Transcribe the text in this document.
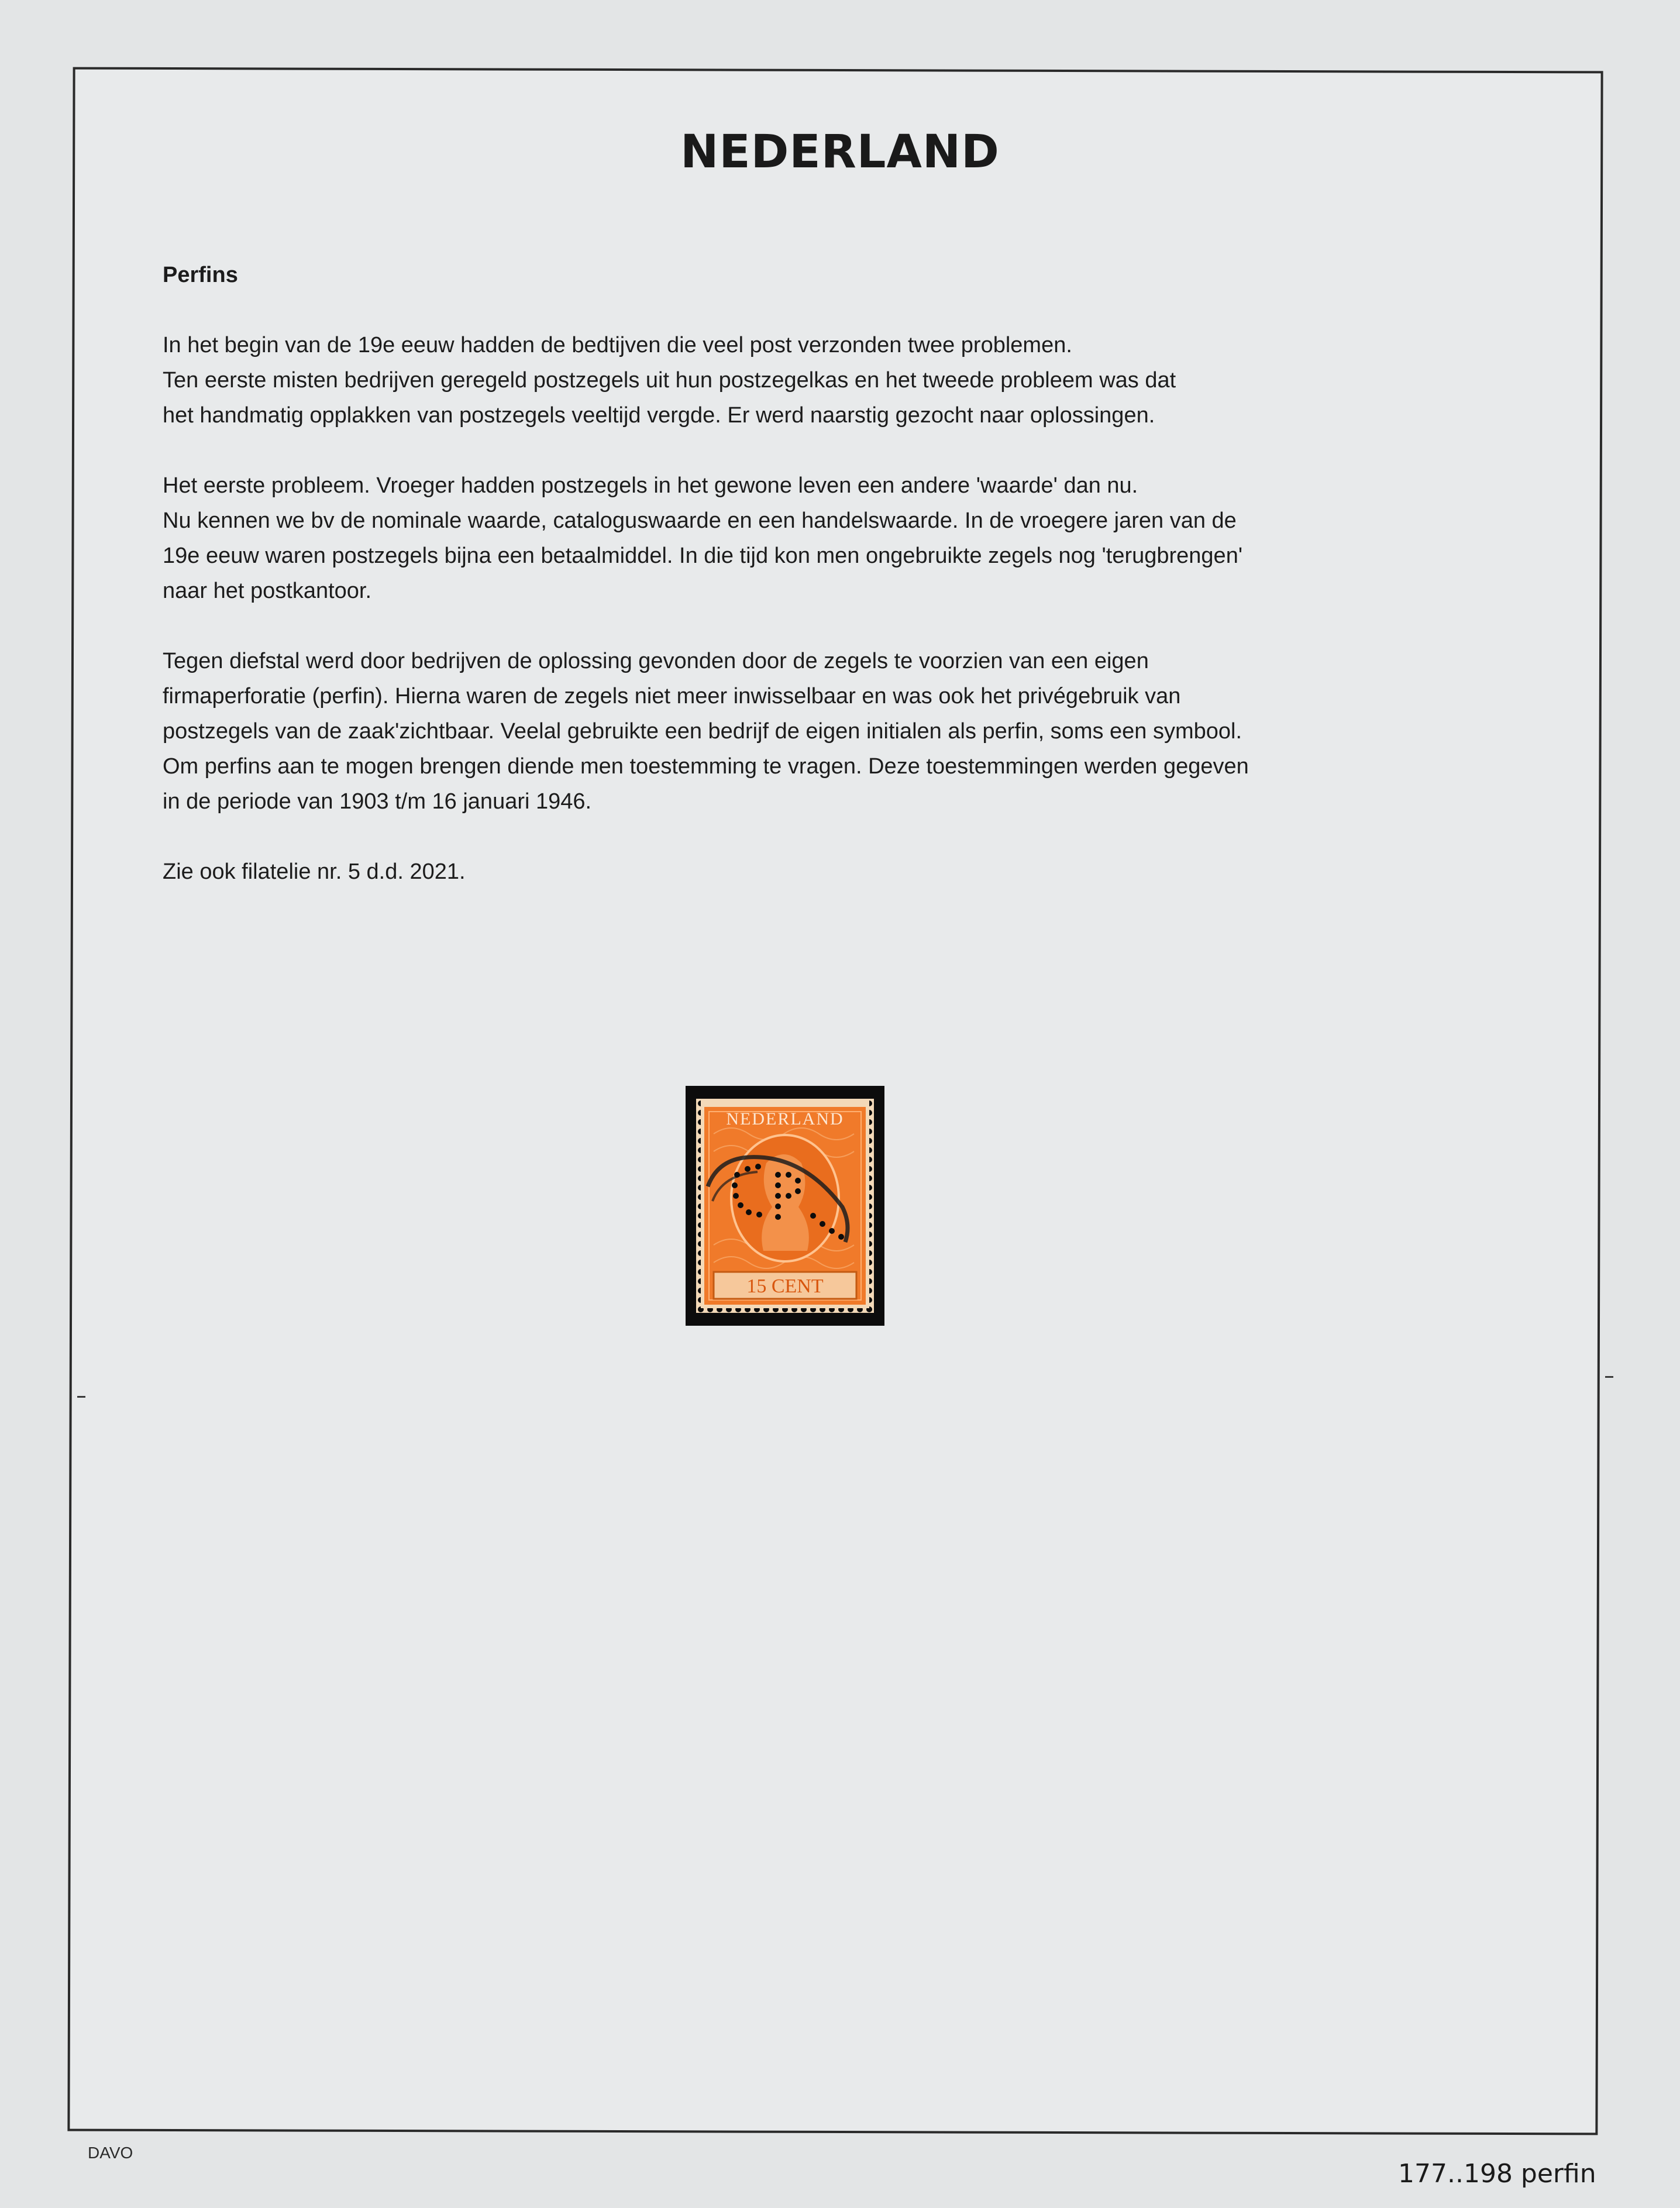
NEDERLAND
Perfins
In het begin van de 19e eeuw hadden de bedtijven die veel post verzonden twee problemen.
Ten eerste misten bedrijven geregeld postzegels uit hun postzegelkas en het tweede probleem was dat
het handmatig opplakken van postzegels veeltijd vergde. Er werd naarstig gezocht naar oplossingen.
Het eerste probleem. Vroeger hadden postzegels in het gewone leven een andere 'waarde' dan nu.
Nu kennen we bv de nominale waarde, cataloguswaarde en een handelswaarde. In de vroegere jaren van de
19e eeuw waren postzegels bijna een betaalmiddel. In die tijd kon men ongebruikte zegels nog 'terugbrengen'
naar het postkantoor.
Tegen diefstal werd door bedrijven de oplossing gevonden door de zegels te voorzien van een eigen
firmaperforatie (perfin). Hierna waren de zegels niet meer inwisselbaar en was ook het privégebruik van
postzegels van de zaak'zichtbaar. Veelal gebruikte een bedrijf de eigen initialen als perfin, soms een symbool.
Om perfins aan te mogen brengen diende men toestemming te vragen. Deze toestemmingen werden gegeven
in de periode van 1903 t/m 16 januari 1946.
Zie ook filatelie nr. 5 d.d. 2021.
NEDERLAND
15 CENT
DAVO
177..198 perfin
